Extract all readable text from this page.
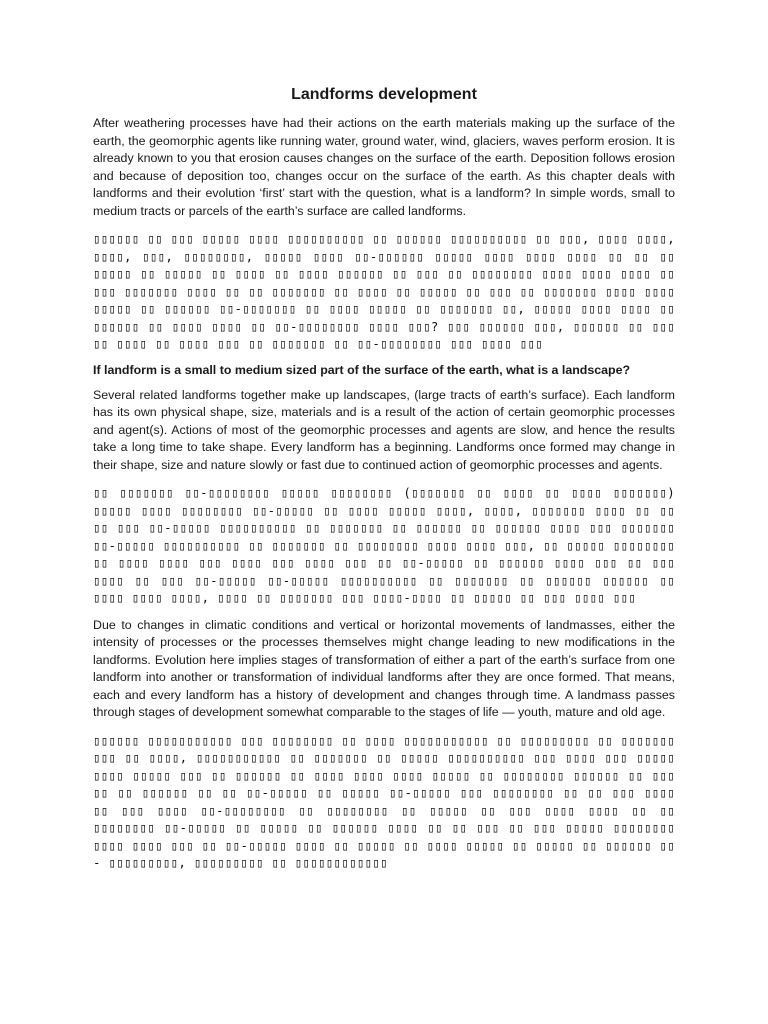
Landforms development

After weathering processes have had their actions on the earth materials making up the surface of the earth, the geomorphic agents like running water, ground water, wind, glaciers, waves perform erosion. It is already known to you that erosion causes changes on the surface of the earth. Deposition follows erosion and because of deposition too, changes occur on the surface of the earth. As this chapter deals with landforms and their evolution ‘first’ start with the question, what is a landform? In simple words, small to medium tracts or parcels of the earth’s surface are called landforms.

▯▯▯▯▯▯ ▯▯ ▯▯▯ ▯▯▯▯▯ ▯▯▯▯ ▯▯▯▯▯▯▯▯▯▯ ▯▯ ▯▯▯▯▯▯ ▯▯▯▯▯▯▯▯▯▯ ▯▯ ▯▯▯, ▯▯▯▯ ▯▯▯▯, ▯▯▯▯, ▯▯▯, ▯▯▯▯▯▯▯▯, ▯▯▯▯▯ ▯▯▯▯ ▯▯-▯▯▯▯▯▯ ▯▯▯▯▯ ▯▯▯▯ ▯▯▯▯ ▯▯▯▯ ▯▯ ▯▯ ▯▯ ▯▯▯▯▯ ▯▯ ▯▯▯▯▯ ▯▯ ▯▯▯▯ ▯▯ ▯▯▯▯ ▯▯▯▯▯▯ ▯▯ ▯▯▯ ▯▯ ▯▯▯▯▯▯▯▯ ▯▯▯▯ ▯▯▯▯ ▯▯▯▯ ▯▯ ▯▯▯ ▯▯▯▯▯▯▯ ▯▯▯▯ ▯▯ ▯▯ ▯▯▯▯▯▯▯ ▯▯ ▯▯▯▯ ▯▯ ▯▯▯▯▯ ▯▯ ▯▯▯ ▯▯ ▯▯▯▯▯▯▯ ▯▯▯▯ ▯▯▯▯ ▯▯▯▯▯ ▯▯ ▯▯▯▯▯▯ ▯▯-▯▯▯▯▯▯▯ ▯▯ ▯▯▯▯ ▯▯▯▯▯ ▯▯ ▯▯▯▯▯▯▯ ▯▯, ▯▯▯▯▯ ▯▯▯▯ ▯▯▯▯ ▯▯ ▯▯▯▯▯▯ ▯▯ ▯▯▯▯ ▯▯▯▯ ▯▯ ▯▯-▯▯▯▯▯▯▯▯ ▯▯▯▯ ▯▯▯? ▯▯▯ ▯▯▯▯▯▯ ▯▯▯, ▯▯▯▯▯▯ ▯▯ ▯▯▯ ▯▯ ▯▯▯▯ ▯▯ ▯▯▯▯ ▯▯▯ ▯▯ ▯▯▯▯▯▯▯ ▯▯ ▯▯-▯▯▯▯▯▯▯▯ ▯▯▯ ▯▯▯▯ ▯▯▯

If landform is a small to medium sized part of the surface of the earth, what is a landscape?

Several related landforms together make up landscapes, (large tracts of earth’s surface). Each landform has its own physical shape, size, materials and is a result of the action of certain geomorphic processes and agent(s). Actions of most of the geomorphic processes and agents are slow, and hence the results take a long time to take shape. Every landform has a beginning. Landforms once formed may change in their shape, size and nature slowly or fast due to continued action of geomorphic processes and agents.

▯▯ ▯▯▯▯▯▯▯ ▯▯-▯▯▯▯▯▯▯▯ ▯▯▯▯▯ ▯▯▯▯▯▯▯▯ (▯▯▯▯▯▯▯ ▯▯ ▯▯▯▯ ▯▯ ▯▯▯▯ ▯▯▯▯▯▯▯) ▯▯▯▯▯ ▯▯▯▯ ▯▯▯▯▯▯▯▯ ▯▯-▯▯▯▯▯ ▯▯ ▯▯▯▯ ▯▯▯▯▯ ▯▯▯▯, ▯▯▯▯, ▯▯▯▯▯▯▯ ▯▯▯▯ ▯▯ ▯▯ ▯▯ ▯▯▯ ▯▯-▯▯▯▯▯ ▯▯▯▯▯▯▯▯▯▯ ▯▯ ▯▯▯▯▯▯▯ ▯▯ ▯▯▯▯▯▯ ▯▯ ▯▯▯▯▯▯ ▯▯▯▯ ▯▯▯ ▯▯▯▯▯▯▯ ▯▯-▯▯▯▯▯ ▯▯▯▯▯▯▯▯▯▯ ▯▯ ▯▯▯▯▯▯▯ ▯▯ ▯▯▯▯▯▯▯▯ ▯▯▯▯ ▯▯▯▯ ▯▯▯, ▯▯ ▯▯▯▯▯ ▯▯▯▯▯▯▯▯ ▯▯ ▯▯▯▯ ▯▯▯▯ ▯▯▯ ▯▯▯▯ ▯▯▯ ▯▯▯▯ ▯▯▯ ▯▯ ▯▯-▯▯▯▯▯ ▯▯ ▯▯▯▯▯▯ ▯▯▯▯ ▯▯▯ ▯▯ ▯▯▯ ▯▯▯▯ ▯▯ ▯▯▯ ▯▯-▯▯▯▯▯ ▯▯-▯▯▯▯▯ ▯▯▯▯▯▯▯▯▯▯ ▯▯ ▯▯▯▯▯▯▯ ▯▯ ▯▯▯▯▯▯ ▯▯▯▯▯▯ ▯▯ ▯▯▯▯ ▯▯▯▯ ▯▯▯▯, ▯▯▯▯ ▯▯ ▯▯▯▯▯▯▯ ▯▯▯ ▯▯▯▯-▯▯▯▯ ▯▯ ▯▯▯▯▯ ▯▯ ▯▯▯ ▯▯▯▯ ▯▯▯

Due to changes in climatic conditions and vertical or horizontal movements of landmasses, either the intensity of processes or the processes themselves might change leading to new modifications in the landforms. Evolution here implies stages of transformation of either a part of the earth’s surface from one landform into another or transformation of individual landforms after they are once formed. That means, each and every landform has a history of development and changes through time. A landmass passes through stages of development somewhat comparable to the stages of life — youth, mature and old age.

▯▯▯▯▯▯ ▯▯▯▯▯▯▯▯▯▯▯ ▯▯▯ ▯▯▯▯▯▯▯▯ ▯▯ ▯▯▯▯ ▯▯▯▯▯▯▯▯▯▯▯ ▯▯ ▯▯▯▯▯▯▯▯▯ ▯▯ ▯▯▯▯▯▯▯ ▯▯▯ ▯▯ ▯▯▯▯, ▯▯▯▯▯▯▯▯▯▯▯ ▯▯ ▯▯▯▯▯▯▯ ▯▯ ▯▯▯▯▯ ▯▯▯▯▯▯▯▯▯▯ ▯▯▯ ▯▯▯▯ ▯▯▯ ▯▯▯▯▯ ▯▯▯▯ ▯▯▯▯▯ ▯▯▯ ▯▯ ▯▯▯▯▯▯ ▯▯ ▯▯▯▯ ▯▯▯▯ ▯▯▯▯ ▯▯▯▯▯ ▯▯ ▯▯▯▯▯▯▯▯ ▯▯▯▯▯▯ ▯▯ ▯▯▯ ▯▯ ▯▯ ▯▯▯▯▯▯ ▯▯ ▯▯ ▯▯-▯▯▯▯▯ ▯▯ ▯▯▯▯▯ ▯▯-▯▯▯▯▯ ▯▯▯ ▯▯▯▯▯▯▯▯ ▯▯ ▯▯ ▯▯▯ ▯▯▯▯ ▯▯ ▯▯▯ ▯▯▯▯ ▯▯-▯▯▯▯▯▯▯▯ ▯▯ ▯▯▯▯▯▯▯▯ ▯▯ ▯▯▯▯▯ ▯▯ ▯▯▯ ▯▯▯▯ ▯▯▯▯ ▯▯ ▯▯ ▯▯▯▯▯▯▯▯ ▯▯-▯▯▯▯▯ ▯▯ ▯▯▯▯▯ ▯▯ ▯▯▯▯▯▯ ▯▯▯▯ ▯▯ ▯▯ ▯▯▯ ▯▯ ▯▯▯ ▯▯▯▯▯ ▯▯▯▯▯▯▯▯ ▯▯▯▯ ▯▯▯▯ ▯▯▯ ▯▯ ▯▯-▯▯▯▯▯ ▯▯▯▯ ▯▯ ▯▯▯▯▯ ▯▯ ▯▯▯▯ ▯▯▯▯▯ ▯▯ ▯▯▯▯▯ ▯▯ ▯▯▯▯▯▯ ▯▯ - ▯▯▯▯▯▯▯▯▯, ▯▯▯▯▯▯▯▯▯ ▯▯ ▯▯▯▯▯▯▯▯▯▯▯▯
